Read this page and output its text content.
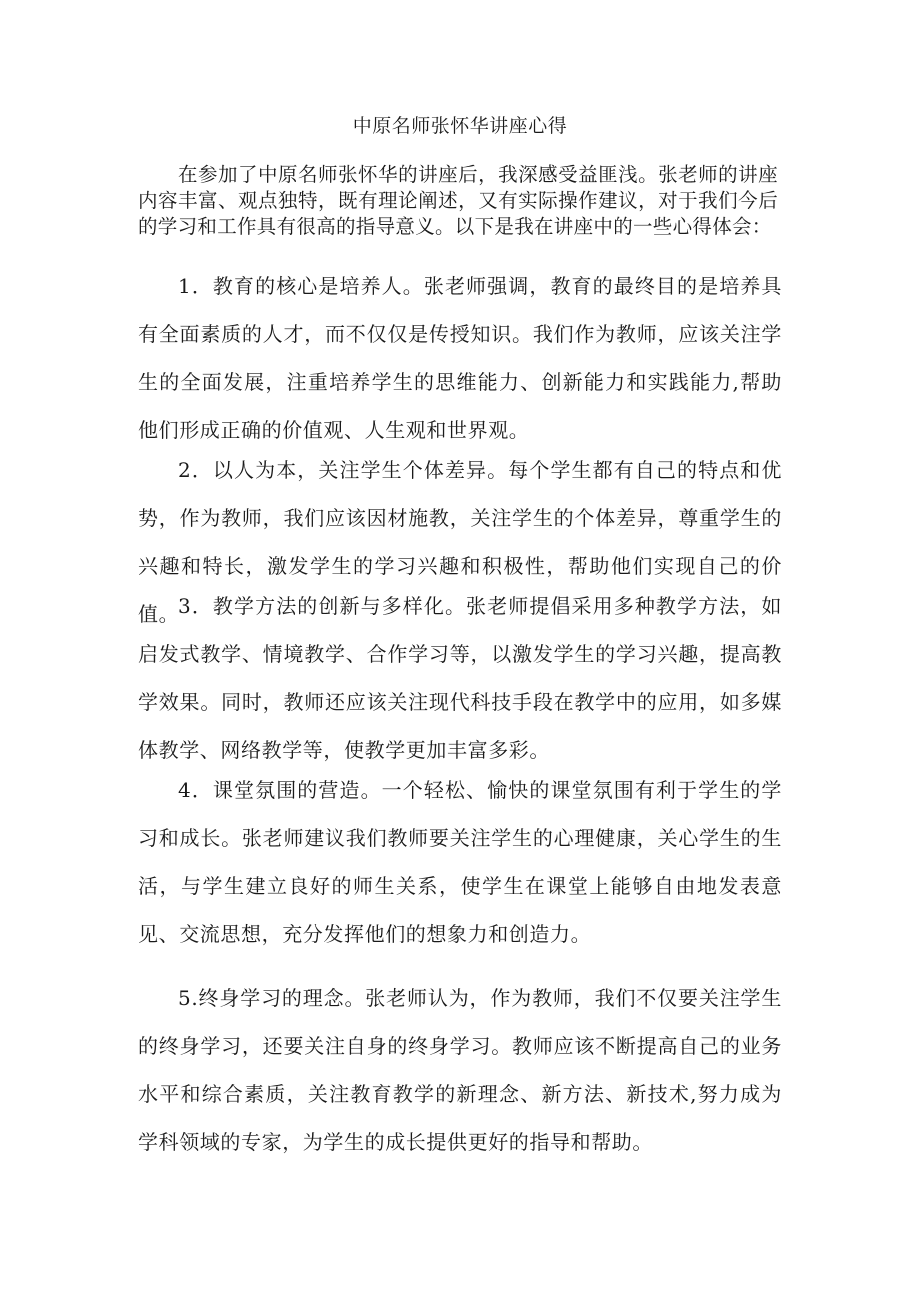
中原名师张怀华讲座心得

在参加了中原名师张怀华的讲座后，我深感受益匪浅。张老师的讲座内容丰富、观点独特，既有理论阐述，又有实际操作建议，对于我们今后的学习和工作具有很高的指导意义。以下是我在讲座中的一些心得体会：

1．教育的核心是培养人。张老师强调，教育的最终目的是培养具有全面素质的人才，而不仅仅是传授知识。我们作为教师，应该关注学生的全面发展，注重培养学生的思维能力、创新能力和实践能力,帮助他们形成正确的价值观、人生观和世界观。

2．以人为本，关注学生个体差异。每个学生都有自己的特点和优势，作为教师，我们应该因材施教，关注学生的个体差异，尊重学生的兴趣和特长，激发学生的学习兴趣和积极性，帮助他们实现自己的价值。

3．教学方法的创新与多样化。张老师提倡采用多种教学方法，如启发式教学、情境教学、合作学习等，以激发学生的学习兴趣，提高教学效果。同时，教师还应该关注现代科技手段在教学中的应用，如多媒体教学、网络教学等，使教学更加丰富多彩。

4．课堂氛围的营造。一个轻松、愉快的课堂氛围有利于学生的学习和成长。张老师建议我们教师要关注学生的心理健康，关心学生的生活，与学生建立良好的师生关系，使学生在课堂上能够自由地发表意见、交流思想，充分发挥他们的想象力和创造力。

5.终身学习的理念。张老师认为，作为教师，我们不仅要关注学生的终身学习，还要关注自身的终身学习。教师应该不断提高自己的业务水平和综合素质，关注教育教学的新理念、新方法、新技术,努力成为学科领域的专家，为学生的成长提供更好的指导和帮助。
